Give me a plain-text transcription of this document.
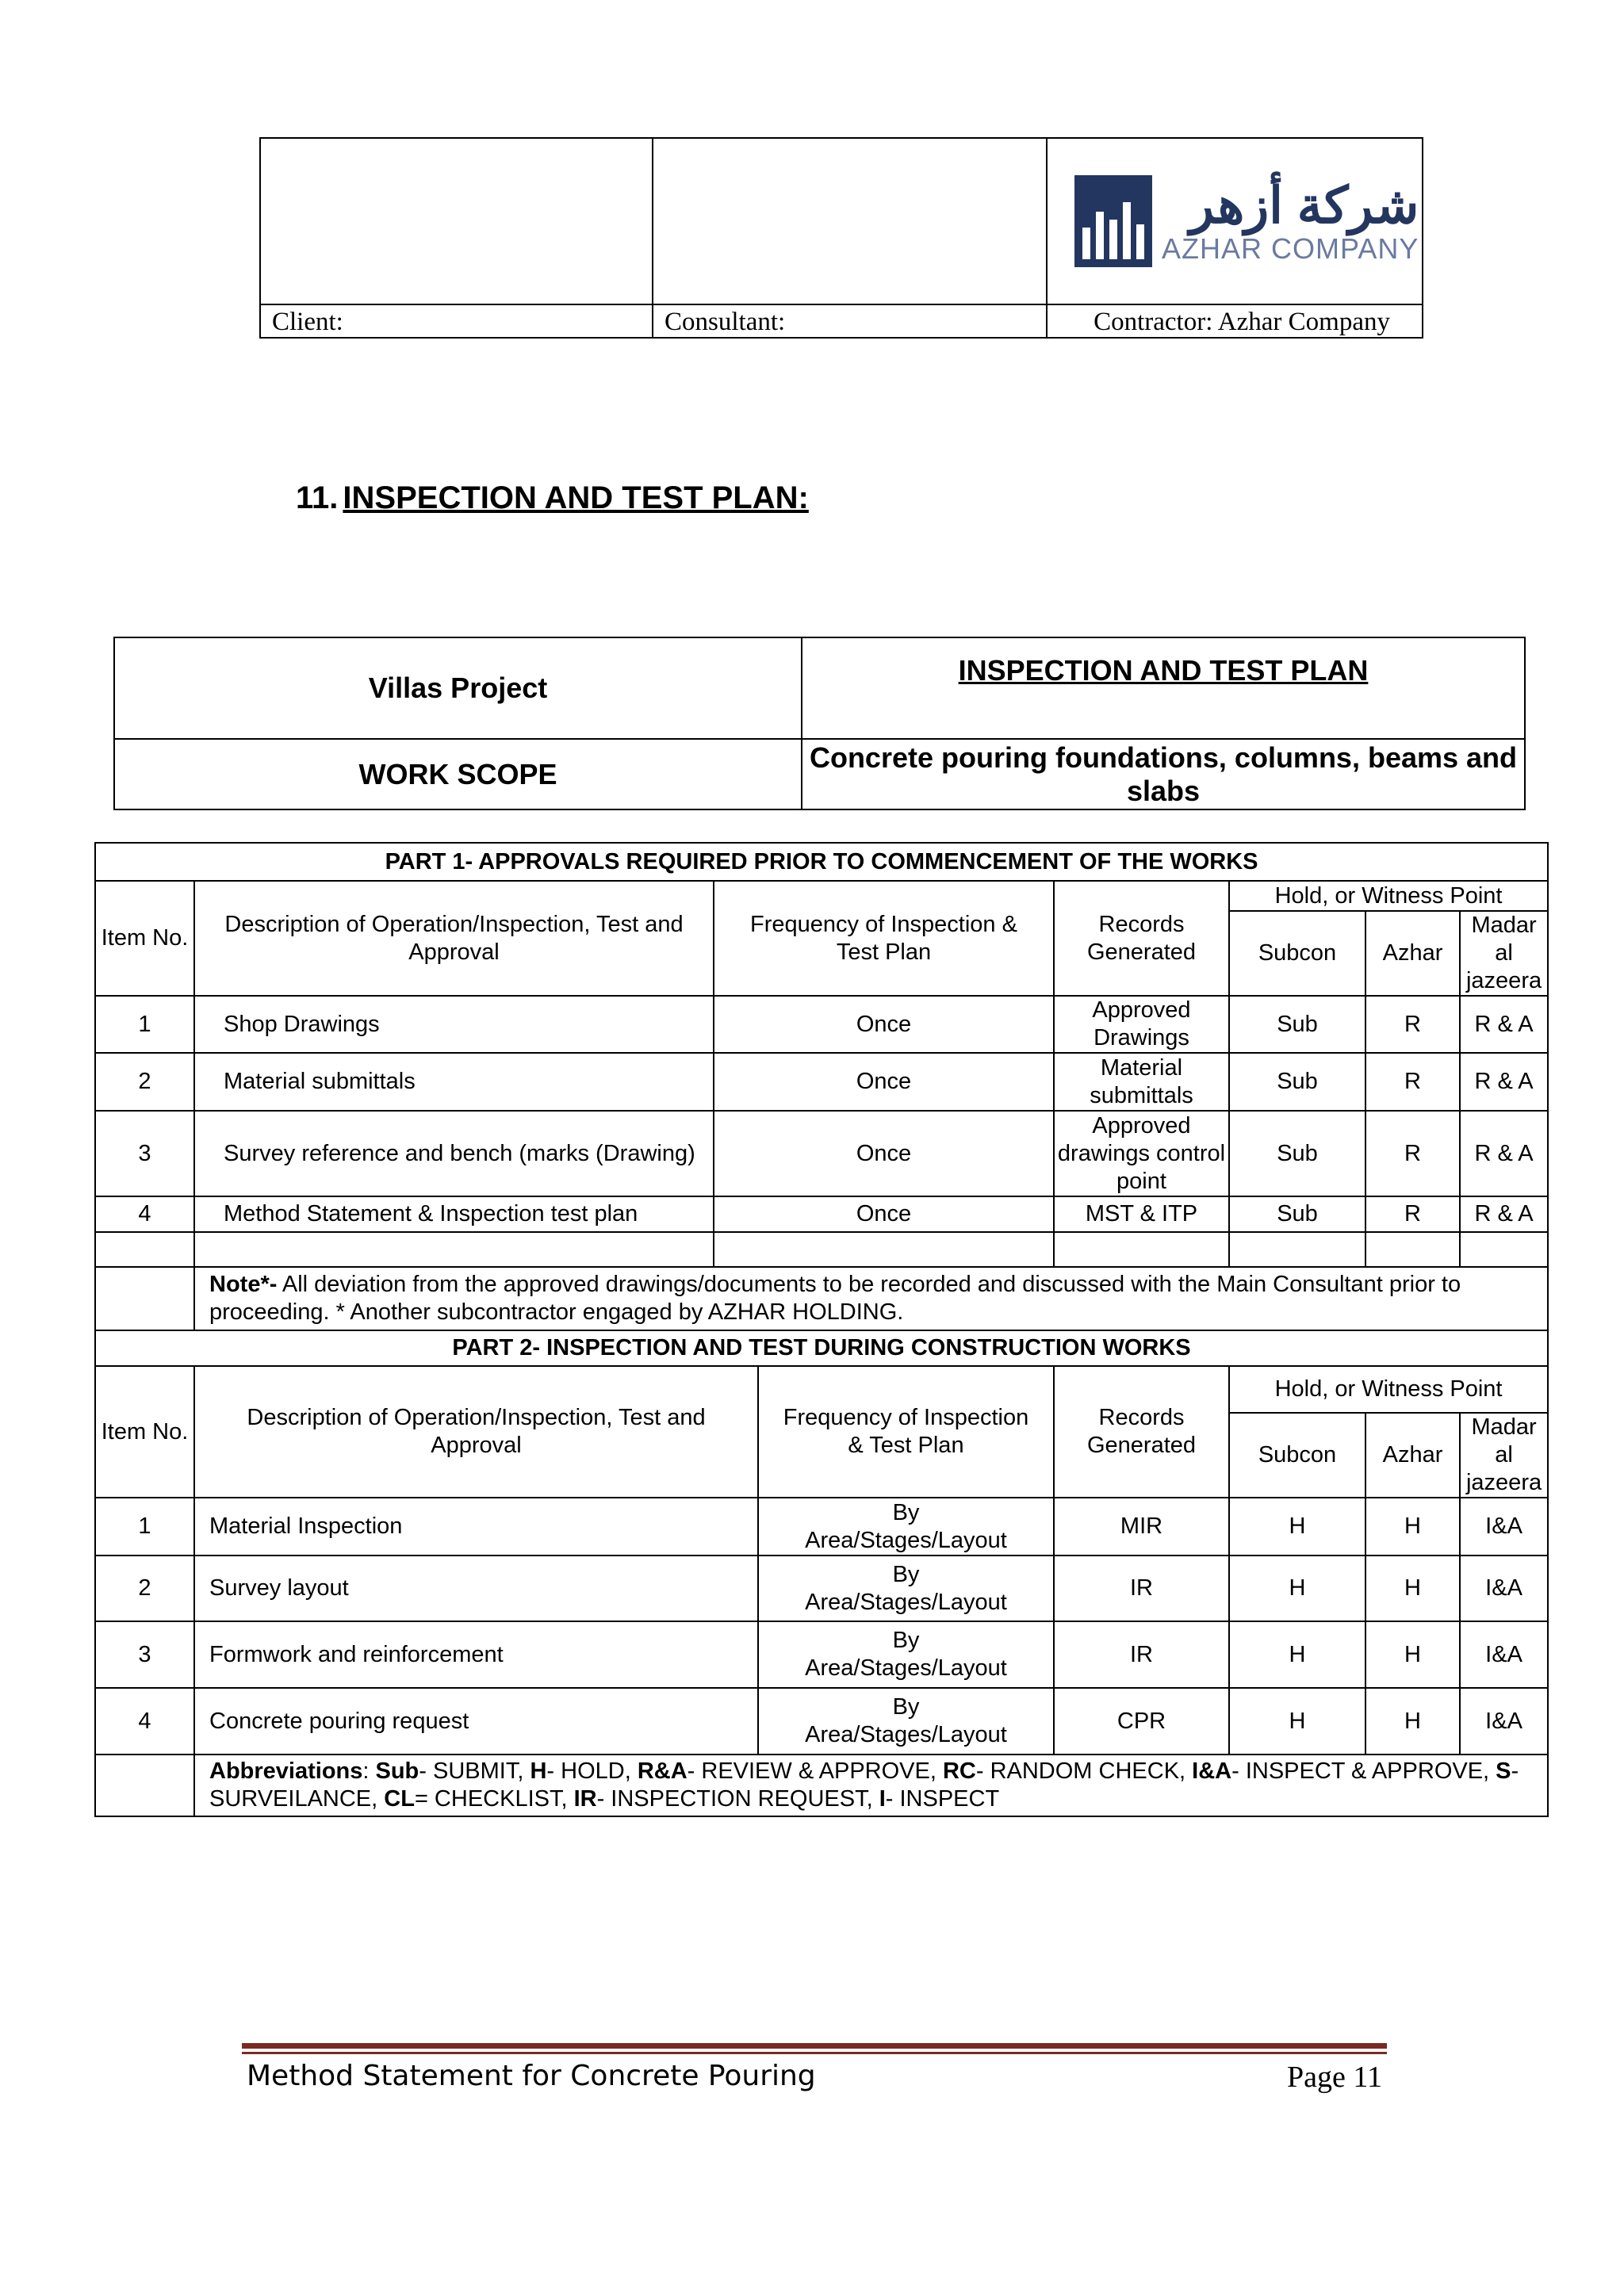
		شركة أزهر
AZHAR COMPANY

Client:	Consultant:	Contractor: Azhar Company
11. INSPECTION AND TEST PLAN:
Villas Project	INSPECTION AND TEST PLAN
WORK SCOPE	Concrete pouring foundations, columns, beams and slabs
PART 1- APPROVALS REQUIRED PRIOR TO COMMENCEMENT OF THE WORKS							
Item No.	Description of Operation/Inspection, Test and Approval	Frequency of Inspection & Test Plan		Records Generated	Hold, or Witness Point		
					Subcon	Azhar	Madar al jazeera
1	Shop Drawings	Once		Approved Drawings	Sub	R	R & A
2	Material submittals	Once		Material submittals	Sub	R	R & A
3	Survey reference and bench (marks (Drawing)	Once		Approved drawings control point	Sub	R	R & A
4	Method Statement & Inspection test plan	Once		MST & ITP	Sub	R	R & A

	Note*- All deviation from the approved drawings/documents to be recorded and discussed with the Main Consultant prior to proceeding. * Another subcontractor engaged by AZHAR HOLDING.						
PART 2- INSPECTION AND TEST DURING CONSTRUCTION WORKS							
Item No.	Description of Operation/Inspection, Test and Approval		Frequency of Inspection & Test Plan	Records Generated	Hold, or Witness Point		
					Subcon	Azhar	Madar al jazeera
1	Material Inspection		By Area/Stages/Layout	MIR	H	H	I&A
2	Survey layout		By Area/Stages/Layout	IR	H	H	I&A
3	Formwork and reinforcement		By Area/Stages/Layout	IR	H	H	I&A
4	Concrete pouring request		By Area/Stages/Layout	CPR	H	H	I&A
	Abbreviations: Sub- SUBMIT, H- HOLD, R&A- REVIEW & APPROVE, RC- RANDOM CHECK, I&A- INSPECT & APPROVE, S- SURVEILANCE, CL= CHECKLIST, IR- INSPECTION REQUEST, I- INSPECT						
Method Statement for Concrete Pouring	Page 11
